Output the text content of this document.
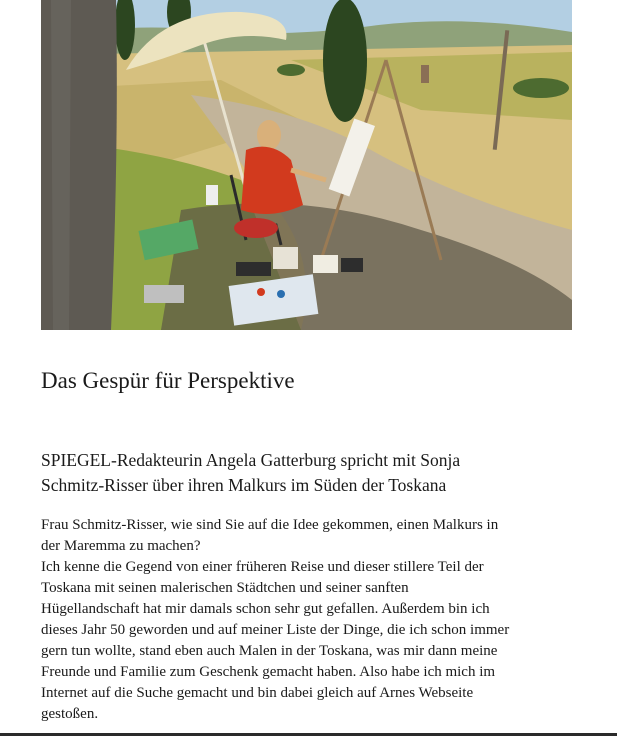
Das Gespür für Perspektive
SPIEGEL-Redakteurin Angela Gatterburg spricht mit Sonja
Schmitz-Risser über ihren Malkurs im Süden der Toskana
Frau Schmitz-Risser, wie sind Sie auf die Idee gekommen, einen Malkurs in
der Maremma zu machen?
Ich kenne die Gegend von einer früheren Reise und dieser stillere Teil der
Toskana mit seinen malerischen Städtchen und seiner sanften
Hügellandschaft hat mir damals schon sehr gut gefallen. Außerdem bin ich
dieses Jahr 50 geworden und auf meiner Liste der Dinge, die ich schon immer
gern tun wollte, stand eben auch Malen in der Toskana, was mir dann meine
Freunde und Familie zum Geschenk gemacht haben. Also habe ich mich im
Internet auf die Suche gemacht und bin dabei gleich auf Arnes Webseite
gestoßen.
